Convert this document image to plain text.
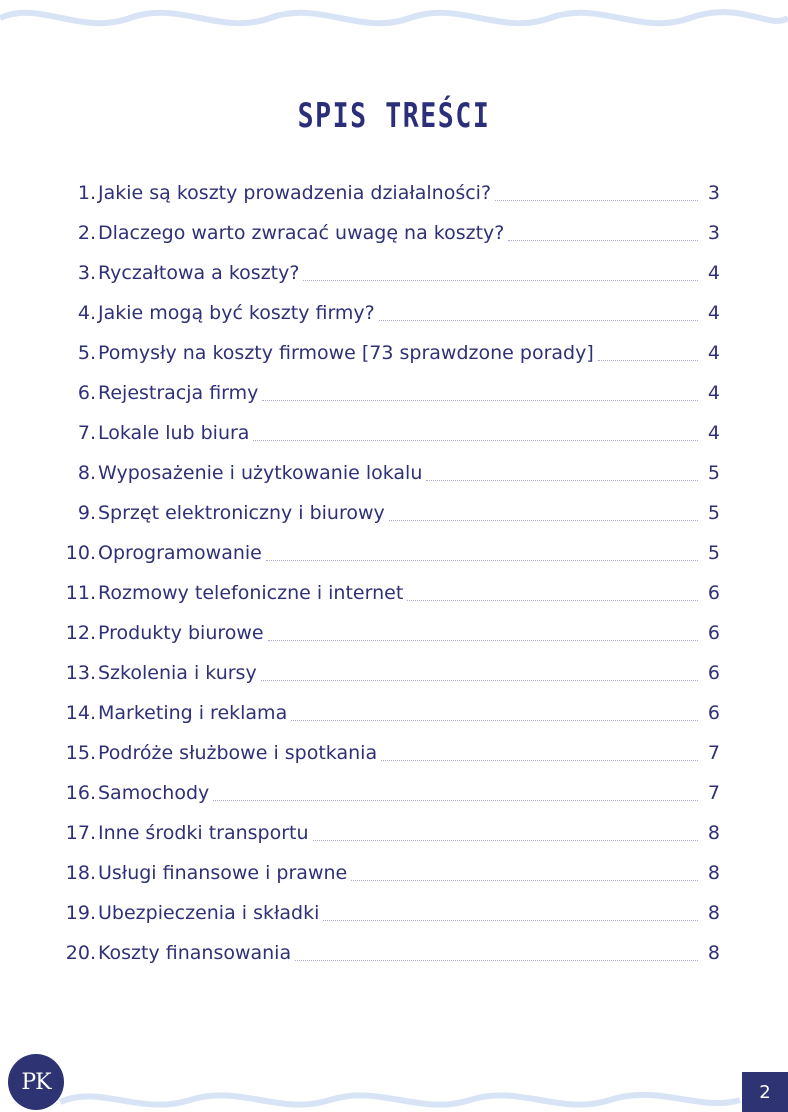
SPIS TREŚCI
1. Jakie są koszty prowadzenia działalności?	3
2. Dlaczego warto zwracać uwagę na koszty?	3
3. Ryczałtowa a koszty?	4
4. Jakie mogą być koszty firmy?	4
5. Pomysły na koszty firmowe [73 sprawdzone porady]	4
6. Rejestracja firmy	4
7. Lokale lub biura	4
8. Wyposażenie i użytkowanie lokalu	5
9. Sprzęt elektroniczny i biurowy	5
10. Oprogramowanie	5
11. Rozmowy telefoniczne i internet	6
12. Produkty biurowe	6
13. Szkolenia i kursy	6
14. Marketing i reklama	6
15. Podróże służbowe i spotkania	7
16. Samochody	7
17. Inne środki transportu	8
18. Usługi finansowe i prawne	8
19. Ubezpieczenia i składki	8
20. Koszty finansowania	8
PK	2
